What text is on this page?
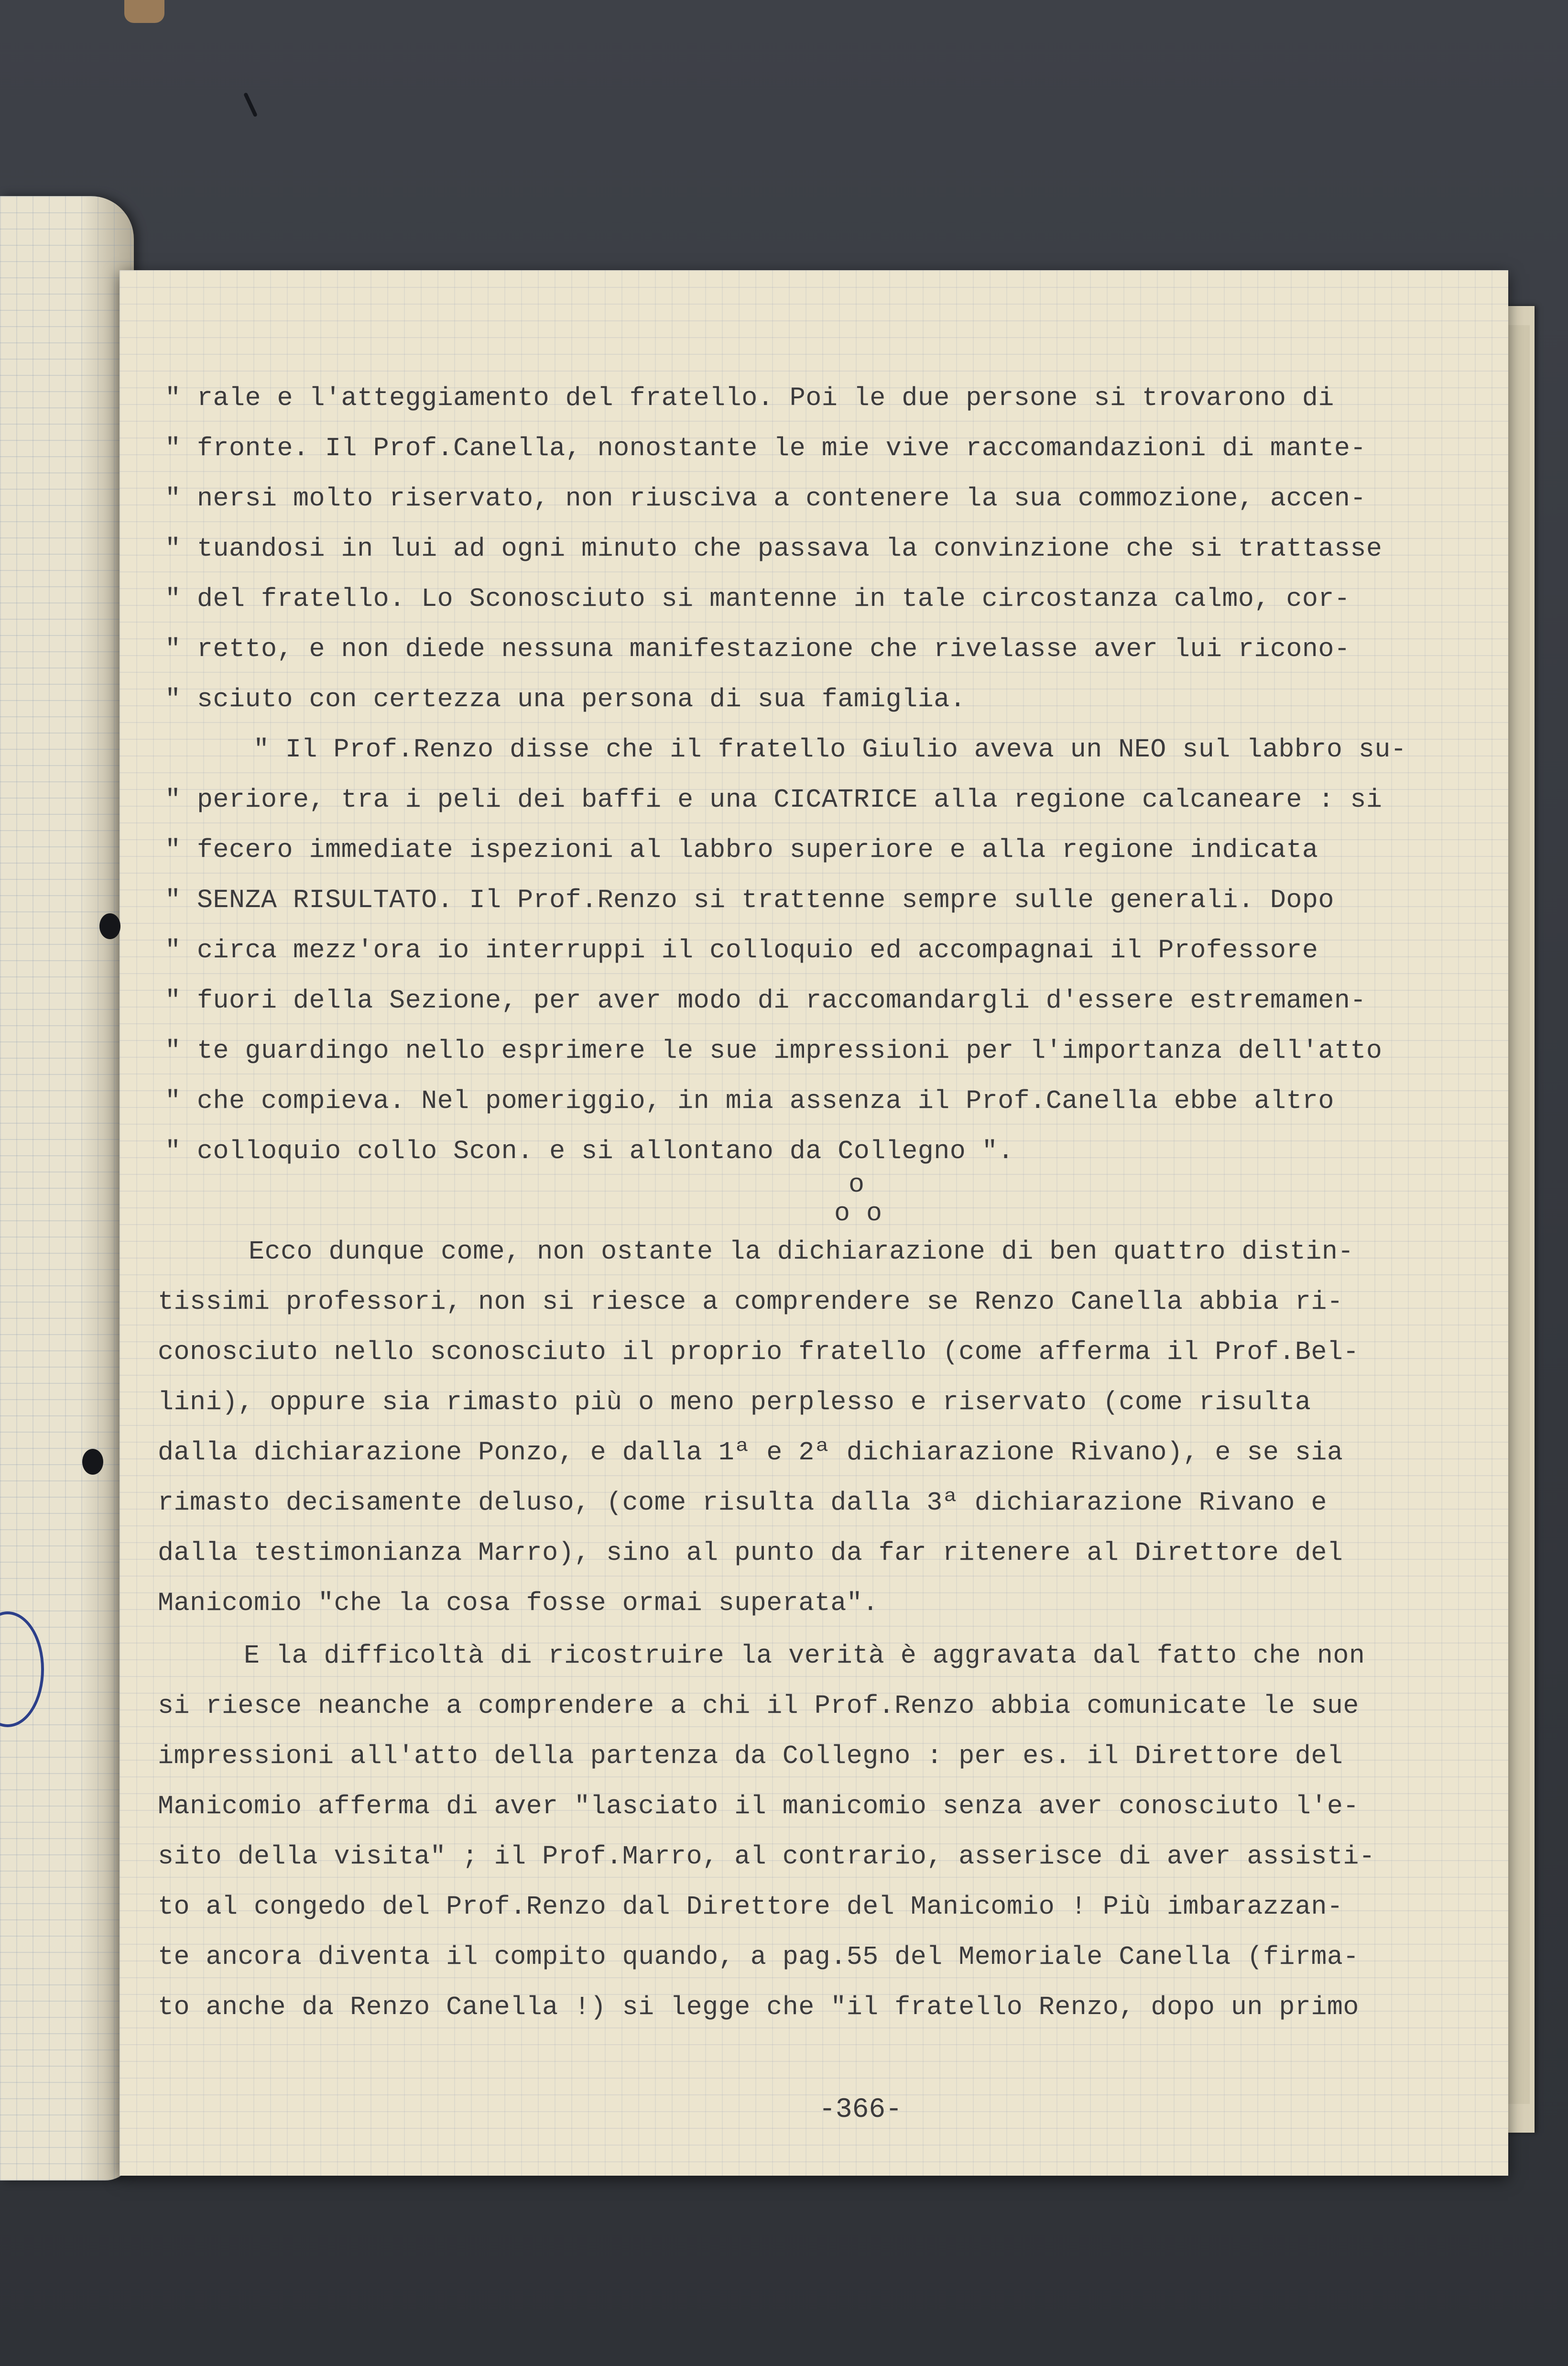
" rale e l'atteggiamento del fratello. Poi le due persone si trovarono di

" fronte. Il Prof.Canella, nonostante le mie vive raccomandazioni di mante-

" nersi molto riservato, non riusciva a contenere la sua commozione, accen-

" tuandosi in lui ad ogni minuto che passava la convinzione che si trattasse

" del fratello. Lo Sconosciuto si mantenne in tale circostanza calmo, cor-

" retto, e non diede nessuna manifestazione che rivelasse aver lui ricono-

" sciuto con certezza una persona di sua famiglia.

" Il Prof.Renzo disse che il fratello Giulio aveva un NEO sul labbro su-

" periore, tra i peli dei baffi e una CICATRICE alla regione calcaneare : si

" fecero immediate ispezioni al labbro superiore e alla regione indicata

" SENZA RISULTATO. Il Prof.Renzo si trattenne sempre sulle generali. Dopo

" circa mezz'ora io interruppi il colloquio ed accompagnai il Professore

" fuori della Sezione, per aver modo di raccomandargli d'essere estremamen-

" te guardingo nello esprimere le sue impressioni per l'importanza dell'atto

" che compieva. Nel pomeriggio, in mia assenza il Prof.Canella ebbe altro

" colloquio collo Scon. e si allontano da Collegno ".

o

o o

Ecco dunque come, non ostante la dichiarazione di ben quattro distin-

tissimi professori, non si riesce a comprendere se Renzo Canella abbia ri-

conosciuto nello sconosciuto il proprio fratello (come afferma il Prof.Bel-

lini), oppure sia rimasto più o meno perplesso e riservato (come risulta

dalla dichiarazione Ponzo, e dalla 1ª e 2ª dichiarazione Rivano), e se sia

rimasto decisamente deluso, (come risulta dalla 3ª dichiarazione Rivano e

dalla testimonianza Marro), sino al punto da far ritenere al Direttore del

Manicomio "che la cosa fosse ormai superata".

E la difficoltà di ricostruire la verità è aggravata dal fatto che non

si riesce neanche a comprendere a chi il Prof.Renzo abbia comunicate le sue

impressioni all'atto della partenza da Collegno : per es. il Direttore del

Manicomio afferma di aver "lasciato il manicomio senza aver conosciuto l'e-

sito della visita" ; il Prof.Marro, al contrario, asserisce di aver assisti-

to al congedo del Prof.Renzo dal Direttore del Manicomio ! Più imbarazzan-

te ancora diventa il compito quando, a pag.55 del Memoriale Canella (firma-

to anche da Renzo Canella !) si legge che "il fratello Renzo, dopo un primo

-366-
